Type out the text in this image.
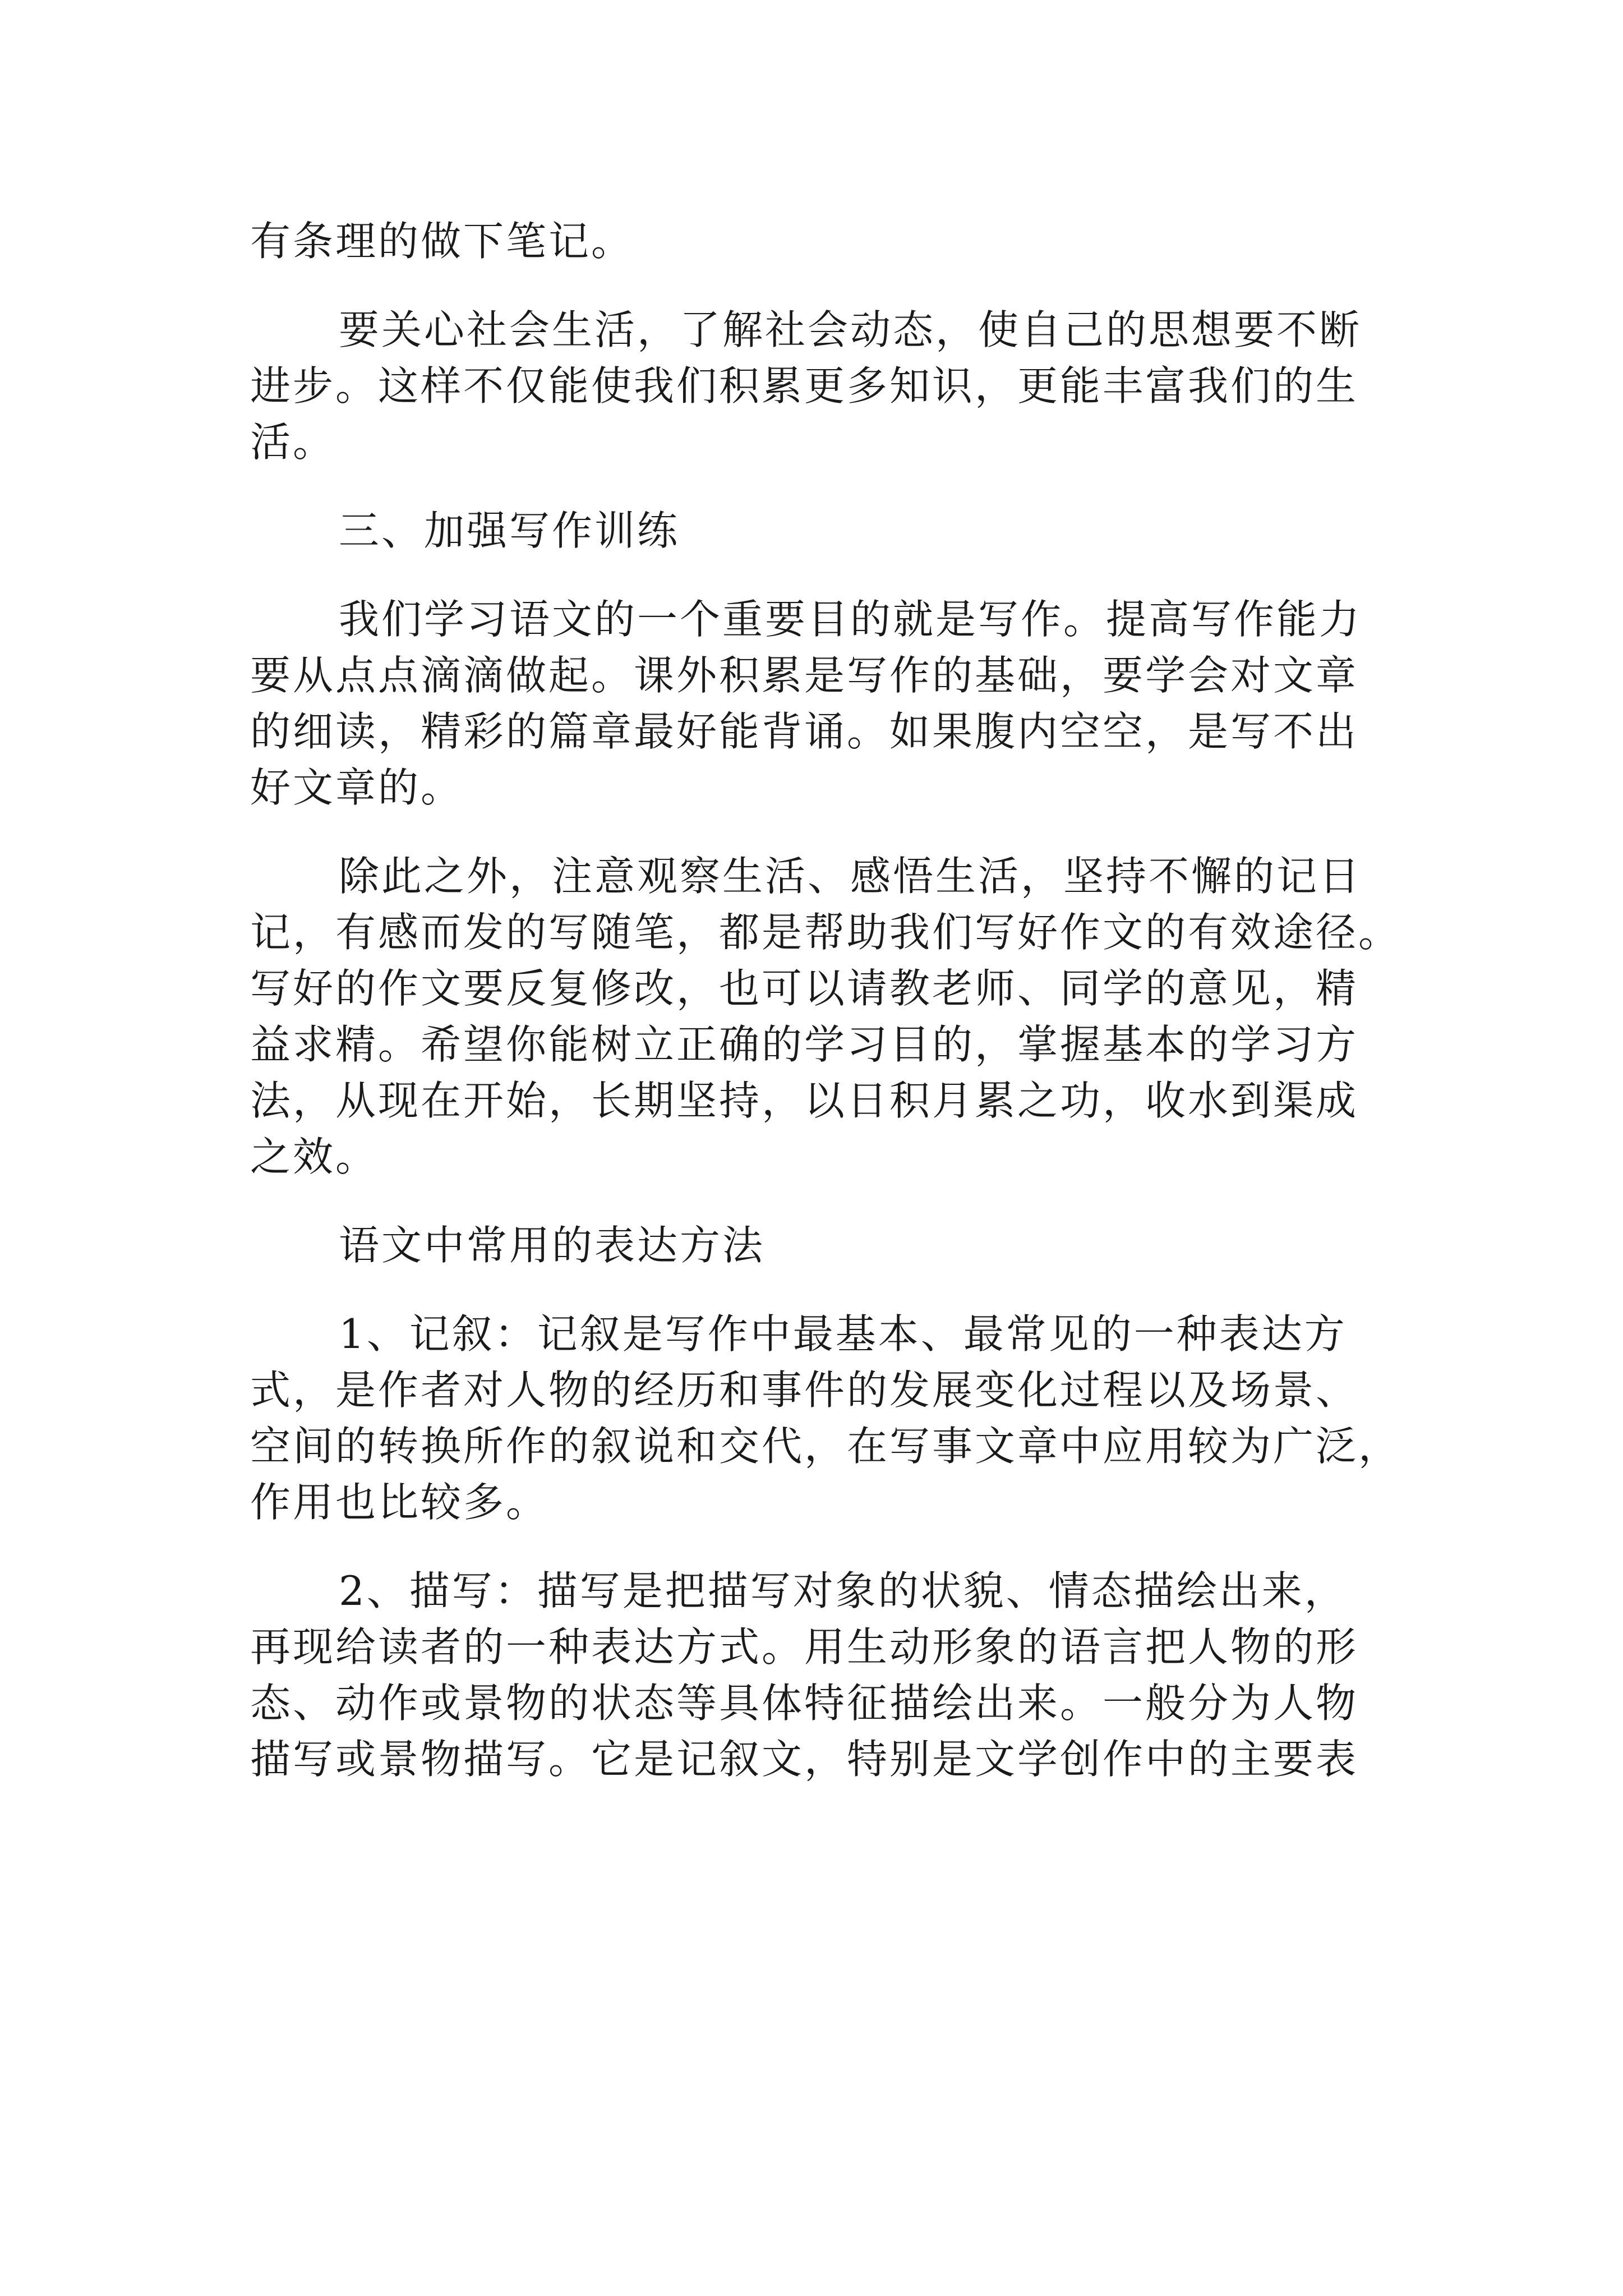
有条理的做下笔记。
要关心社会生活，了解社会动态，使自己的思想要不断
进步。这样不仅能使我们积累更多知识，更能丰富我们的生
活。
三、加强写作训练
我们学习语文的一个重要目的就是写作。提高写作能力
要从点点滴滴做起。课外积累是写作的基础，要学会对文章
的细读，精彩的篇章最好能背诵。如果腹内空空，是写不出
好文章的。
除此之外，注意观察生活、感悟生活，坚持不懈的记日
记，有感而发的写随笔，都是帮助我们写好作文的有效途径。
写好的作文要反复修改，也可以请教老师、同学的意见，精
益求精。希望你能树立正确的学习目的，掌握基本的学习方
法，从现在开始，长期坚持，以日积月累之功，收水到渠成
之效。
语文中常用的表达方法
1、记叙：记叙是写作中最基本、最常见的一种表达方
式，是作者对人物的经历和事件的发展变化过程以及场景、
空间的转换所作的叙说和交代，在写事文章中应用较为广泛，
作用也比较多。
2、描写：描写是把描写对象的状貌、情态描绘出来，
再现给读者的一种表达方式。用生动形象的语言把人物的形
态、动作或景物的状态等具体特征描绘出来。一般分为人物
描写或景物描写。它是记叙文，特别是文学创作中的主要表
